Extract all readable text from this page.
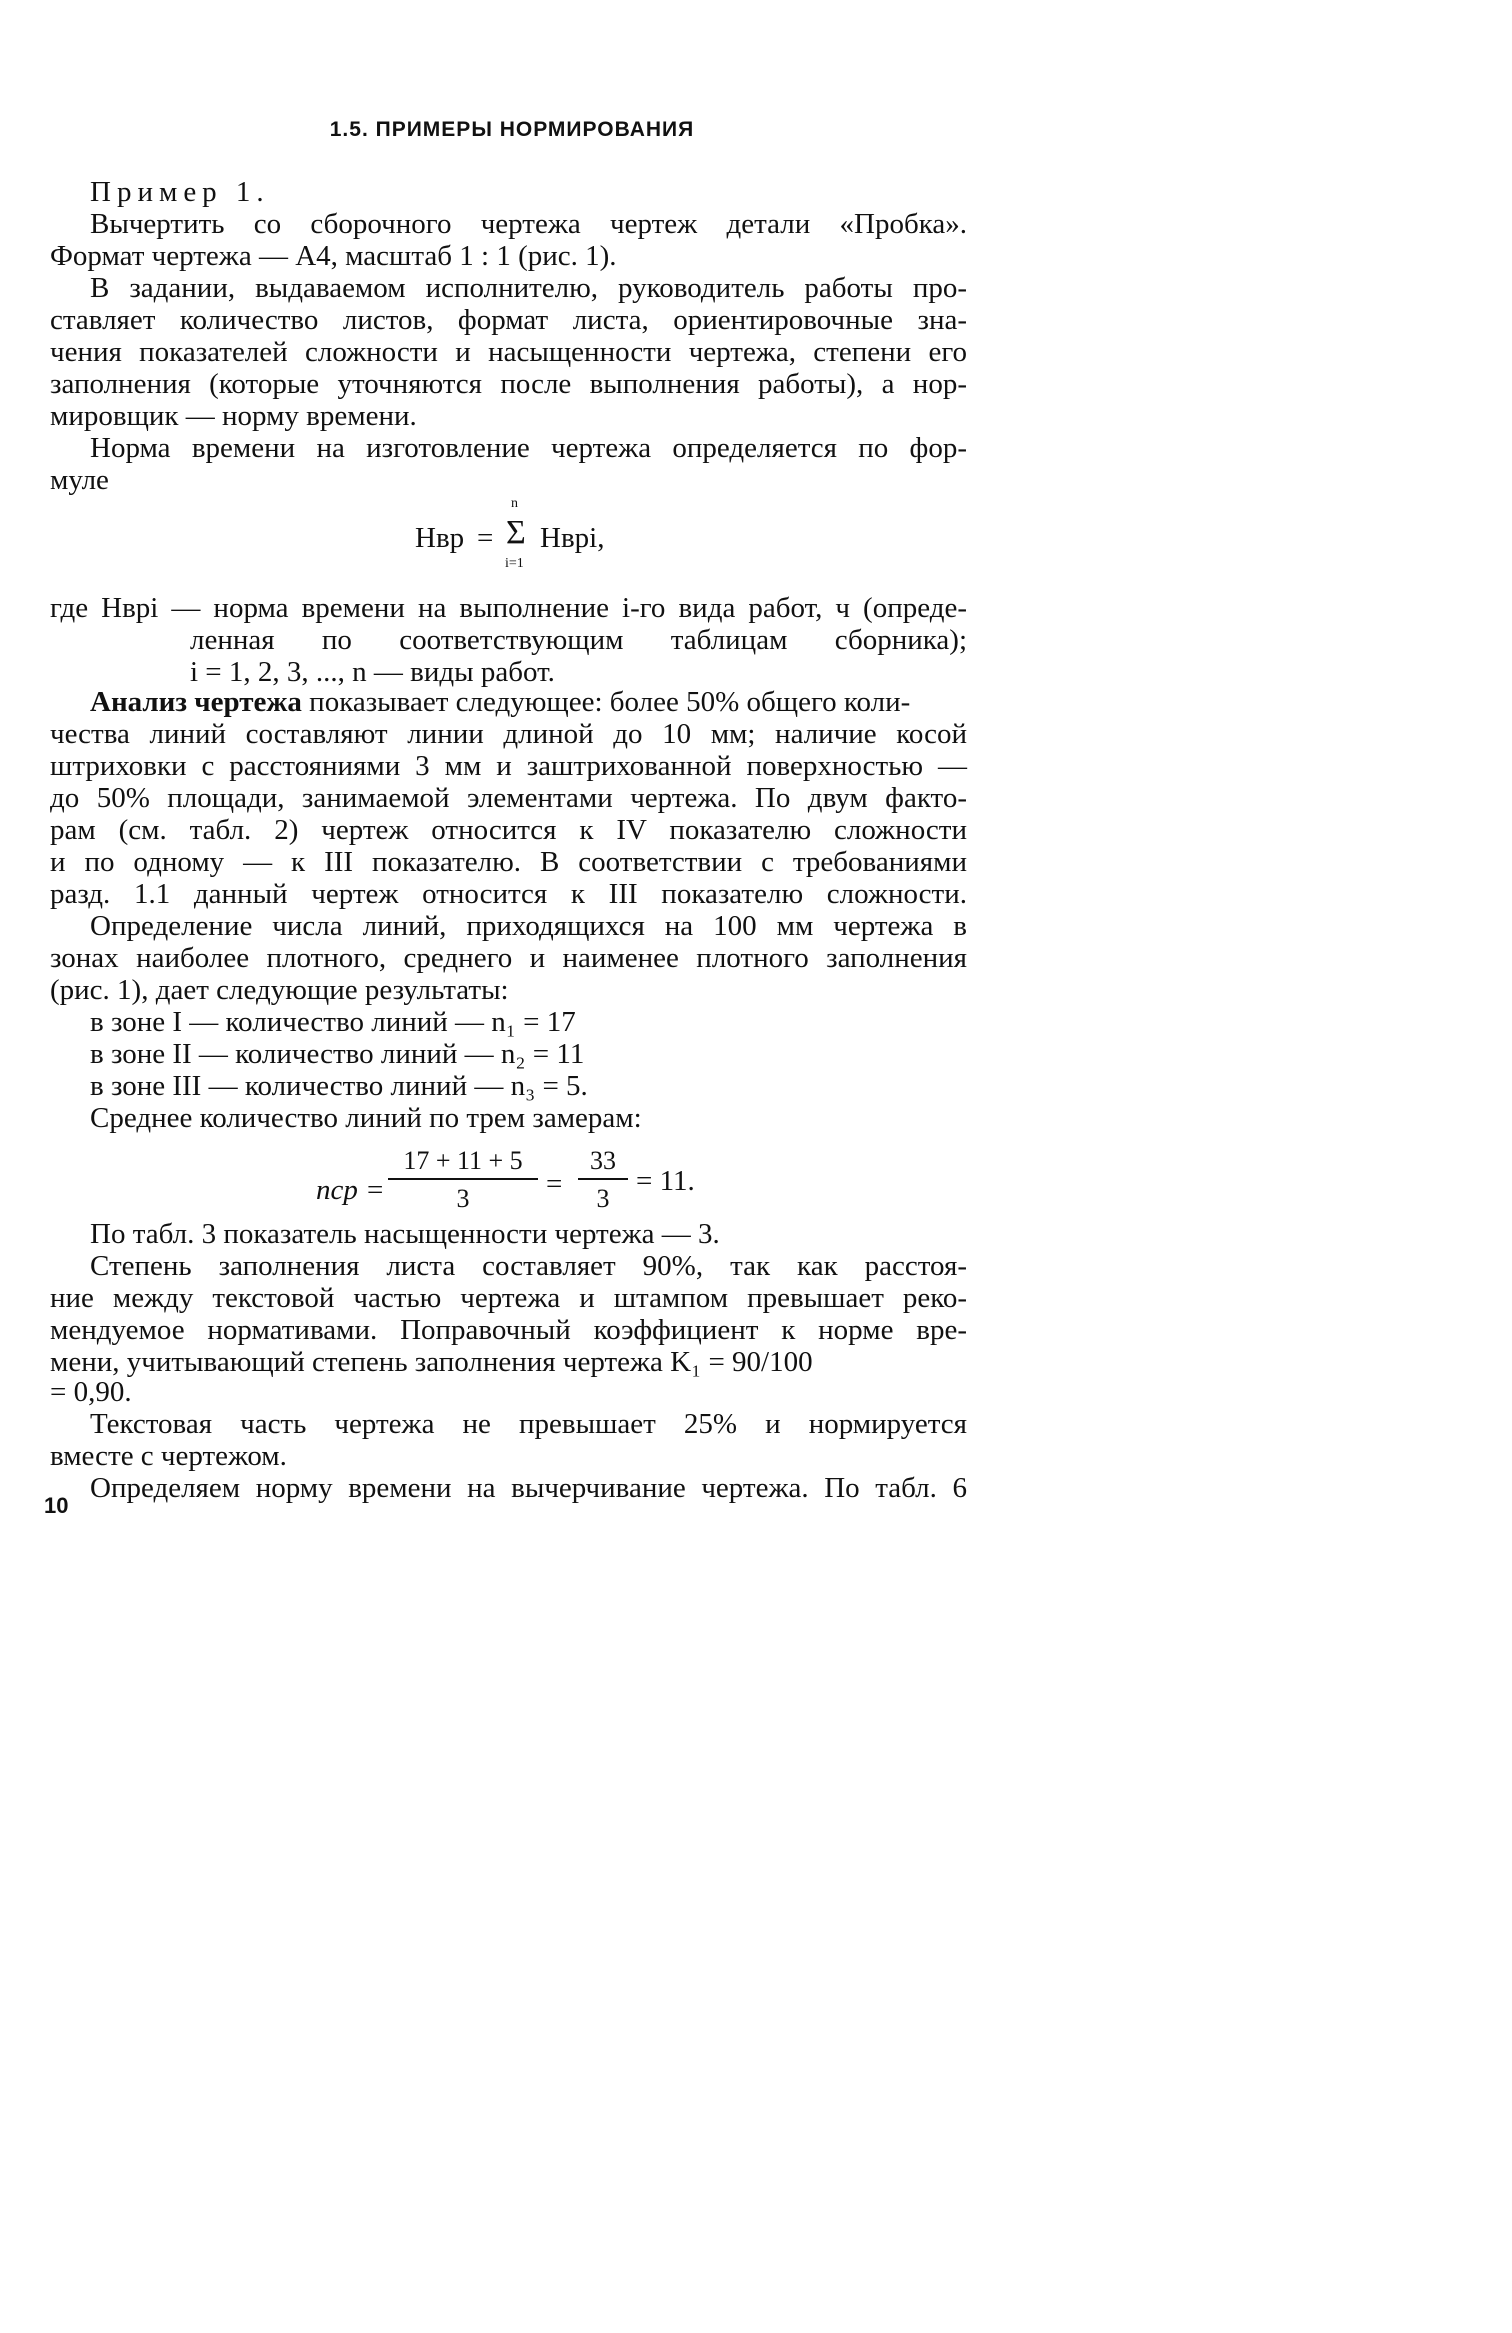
1.5. ПРИМЕРЫ НОРМИРОВАНИЯ
Пример 1.
Вычертить со сборочного чертежа чертеж детали «Пробка».
Формат чертежа — А4, масштаб 1 : 1 (рис. 1).
В задании, выдаваемом исполнителю, руководитель работы про-
ставляет количество листов, формат листа, ориентировочные зна-
чения показателей сложности и насыщенности чертежа, степени его
заполнения (которые уточняются после выполнения работы), а нор-
мировщик — норму времени.
Норма времени на изготовление чертежа определяется по фор-
муле
Hвр =
n
Σ
i=1
Hврi,
где Hврi — норма времени на выполнение i-го вида работ, ч (опреде-
ленная по соответствующим таблицам сборника);
i = 1, 2, 3, ..., n — виды работ.
Анализ чертежа показывает следующее: более 50% общего коли-
чества линий составляют линии длиной до 10 мм; наличие косой
штриховки с расстояниями 3 мм и заштрихованной поверхностью —
до 50% площади, занимаемой элементами чертежа. По двум факто-
рам (см. табл. 2) чертеж относится к IV показателю сложности
и по одному — к III показателю. В соответствии с требованиями
разд. 1.1 данный чертеж относится к III показателю сложности.
Определение числа линий, приходящихся на 100 мм чертежа в
зонах наиболее плотного, среднего и наименее плотного заполнения
(рис. 1), дает следующие результаты:
в зоне I — количество линий — n₁ = 17
в зоне II — количество линий — n₂ = 11
в зоне III — количество линий — n₃ = 5.
Среднее количество линий по трем замерам:
nср =
17 + 11 + 5
3	=
33
3
= 11.
По табл. 3 показатель насыщенности чертежа — 3.
Степень заполнения листа составляет 90%, так как расстоя-
ние между текстовой частью чертежа и штампом превышает реко-
мендуемое нормативами. Поправочный коэффициент к норме вре-
мени, учитывающий степень заполнения чертежа K₁ = 90/100
= 0,90.
Текстовая часть чертежа не превышает 25% и нормируется
вместе с чертежом.
Определяем норму времени на вычерчивание чертежа. По табл. 6
10
